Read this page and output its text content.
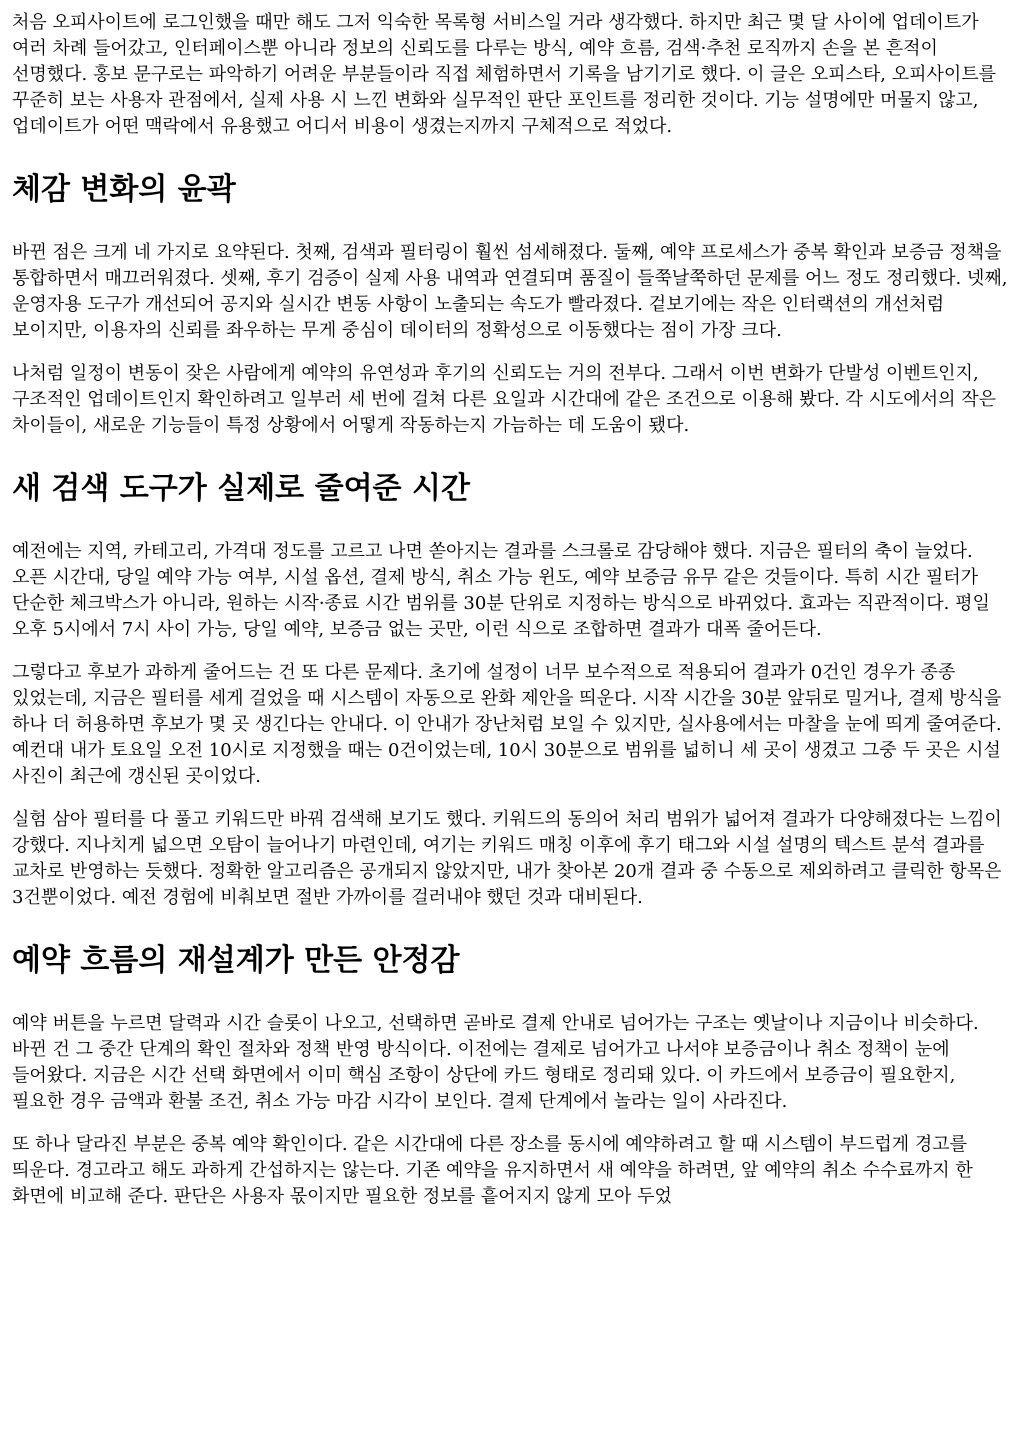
처음 오피사이트에 로그인했을 때만 해도 그저 익숙한 목록형 서비스일 거라 생각했다. 하지만 최근 몇 달 사이에 업데이트가 여러 차례 들어갔고, 인터페이스뿐 아니라 정보의 신뢰도를 다루는 방식, 예약 흐름, 검색·추천 로직까지 손을 본 흔적이 선명했다. 홍보 문구로는 파악하기 어려운 부분들이라 직접 체험하면서 기록을 남기기로 했다. 이 글은 오피스타, 오피사이트를 꾸준히 보는 사용자 관점에서, 실제 사용 시 느낀 변화와 실무적인 판단 포인트를 정리한 것이다. 기능 설명에만 머물지 않고, 업데이트가 어떤 맥락에서 유용했고 어디서 비용이 생겼는지까지 구체적으로 적었다.

체감 변화의 윤곽

바뀐 점은 크게 네 가지로 요약된다. 첫째, 검색과 필터링이 훨씬 섬세해졌다. 둘째, 예약 프로세스가 중복 확인과 보증금 정책을 통합하면서 매끄러워졌다. 셋째, 후기 검증이 실제 사용 내역과 연결되며 품질이 들쭉날쭉하던 문제를 어느 정도 정리했다. 넷째, 운영자용 도구가 개선되어 공지와 실시간 변동 사항이 노출되는 속도가 빨라졌다. 겉보기에는 작은 인터랙션의 개선처럼 보이지만, 이용자의 신뢰를 좌우하는 무게 중심이 데이터의 정확성으로 이동했다는 점이 가장 크다.

나처럼 일정이 변동이 잦은 사람에게 예약의 유연성과 후기의 신뢰도는 거의 전부다. 그래서 이번 변화가 단발성 이벤트인지, 구조적인 업데이트인지 확인하려고 일부러 세 번에 걸쳐 다른 요일과 시간대에 같은 조건으로 이용해 봤다. 각 시도에서의 작은 차이들이, 새로운 기능들이 특정 상황에서 어떻게 작동하는지 가늠하는 데 도움이 됐다.

새 검색 도구가 실제로 줄여준 시간

예전에는 지역, 카테고리, 가격대 정도를 고르고 나면 쏟아지는 결과를 스크롤로 감당해야 했다. 지금은 필터의 축이 늘었다. 오픈 시간대, 당일 예약 가능 여부, 시설 옵션, 결제 방식, 취소 가능 윈도, 예약 보증금 유무 같은 것들이다. 특히 시간 필터가 단순한 체크박스가 아니라, 원하는 시작·종료 시간 범위를 30분 단위로 지정하는 방식으로 바뀌었다. 효과는 직관적이다. 평일 오후 5시에서 7시 사이 가능, 당일 예약, 보증금 없는 곳만, 이런 식으로 조합하면 결과가 대폭 줄어든다.

그렇다고 후보가 과하게 줄어드는 건 또 다른 문제다. 초기에 설정이 너무 보수적으로 적용되어 결과가 0건인 경우가 종종 있었는데, 지금은 필터를 세게 걸었을 때 시스템이 자동으로 완화 제안을 띄운다. 시작 시간을 30분 앞뒤로 밀거나, 결제 방식을 하나 더 허용하면 후보가 몇 곳 생긴다는 안내다. 이 안내가 장난처럼 보일 수 있지만, 실사용에서는 마찰을 눈에 띄게 줄여준다. 예컨대 내가 토요일 오전 10시로 지정했을 때는 0건이었는데, 10시 30분으로 범위를 넓히니 세 곳이 생겼고 그중 두 곳은 시설 사진이 최근에 갱신된 곳이었다.

실험 삼아 필터를 다 풀고 키워드만 바꿔 검색해 보기도 했다. 키워드의 동의어 처리 범위가 넓어져 결과가 다양해졌다는 느낌이 강했다. 지나치게 넓으면 오탐이 늘어나기 마련인데, 여기는 키워드 매칭 이후에 후기 태그와 시설 설명의 텍스트 분석 결과를 교차로 반영하는 듯했다. 정확한 알고리즘은 공개되지 않았지만, 내가 찾아본 20개 결과 중 수동으로 제외하려고 클릭한 항목은 3건뿐이었다. 예전 경험에 비춰보면 절반 가까이를 걸러내야 했던 것과 대비된다.

예약 흐름의 재설계가 만든 안정감

예약 버튼을 누르면 달력과 시간 슬롯이 나오고, 선택하면 곧바로 결제 안내로 넘어가는 구조는 옛날이나 지금이나 비슷하다. 바뀐 건 그 중간 단계의 확인 절차와 정책 반영 방식이다. 이전에는 결제로 넘어가고 나서야 보증금이나 취소 정책이 눈에 들어왔다. 지금은 시간 선택 화면에서 이미 핵심 조항이 상단에 카드 형태로 정리돼 있다. 이 카드에서 보증금이 필요한지, 필요한 경우 금액과 환불 조건, 취소 가능 마감 시각이 보인다. 결제 단계에서 놀라는 일이 사라진다.

또 하나 달라진 부분은 중복 예약 확인이다. 같은 시간대에 다른 장소를 동시에 예약하려고 할 때 시스템이 부드럽게 경고를 띄운다. 경고라고 해도 과하게 간섭하지는 않는다. 기존 예약을 유지하면서 새 예약을 하려면, 앞 예약의 취소 수수료까지 한 화면에 비교해 준다. 판단은 사용자 몫이지만 필요한 정보를 흩어지지 않게 모아 두었
